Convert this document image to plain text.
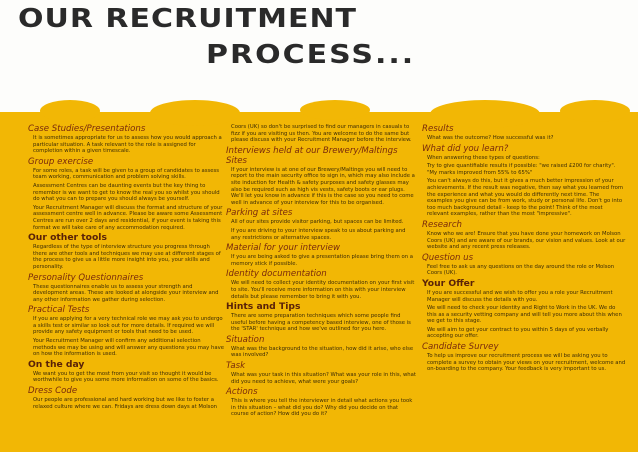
OUR RECRUITMENT
PROCESS...
Case Studies/Presentations
It is sometimes appropriate for us to assess how you would approach a particular situation. A task relevant to the role is assigned for completion within a given timescale.
Group exercise
For some roles, a task will be given to a group of candidates to assess team working, communication and problem solving skills.
Assessment Centres can be daunting events but the key thing to remember is we want to get to know the real you so whilst you should do what you can to prepare you should always be yourself.
Your Recruitment Manager will discuss the format and structure of your assessment centre well in advance. Please be aware some Assessment Centres are run over 2 days and residential, if your event is taking this format we will take care of any accommodation required.
Our other tools
Regardless of the type of interview structure you progress through there are other tools and techniques we may use at different stages of the process to give us a little more insight into you, your skills and personality.
Personality Questionnaires
These questionnaires enable us to assess your strength and development areas. These are looked at alongside your interview and any other information we gather during selection.
Practical Tests
If you are applying for a very technical role we may ask you to undergo a skills test or similar so look out for more details. If required we will provide any safety equipment or tools that need to be used.
Your Recruitment Manager will confirm any additional selection methods we may be using and will answer any questions you may have on how the information is used.
On the day
We want you to get the most from your visit so thought it would be worthwhile to give you some more information on some of the basics.
Dress Code
Our people are professional and hard working but we like to foster a relaxed culture where we can. Fridays are dress down days at Molson
Coors (UK) so don't be surprised to find our managers in casuals to fizz if you are visiting us then. You are welcome to do the same but please discuss with your Recruitment Manager before the interview.
Interviews held at our Brewery/Maltings Sites
If your interview is at one of our Brewery/Maltings you will need to report to the main security office to sign in, which may also include a site induction for Health & safety purposes and safety glasses may also be required such as high vis vests, safety boots or ear plugs. We'll let you know in advance if this is the case so you need to come well in advance of your interview for this to be organised.
Parking at sites
All of our sites provide visitor parking, but spaces can be limited.
If you are driving to your interview speak to us about parking and any restrictions or alternative spaces.
Material for your interview
If you are being asked to give a presentation please bring them on a memory stick if possible.
Identity documentation
We will need to collect your identity documentation on your first visit to site. You'll receive more information on this with your interview details but please remember to bring it with you.
Hints and Tips
There are some preparation techniques which some people find useful before having a competency based interview, one of those is the 'STAR' technique and how we've outlined for you here.
Situation
What was the background to the situation, how did it arise, who else was involved?
Task
What was your task in this situation? What was your role in this, what did you need to achieve, what were your goals?
Actions
This is where you tell the interviewer in detail what actions you took in this situation – what did you do? Why did you decide on that course of action? How did you do it?
Results
What was the outcome? How successful was it?
What did you learn?
When answering these types of questions:
Try to give quantifiable results if possible: "we raised £200 for charity". "My marks improved from 55% to 65%"
You can't always do this, but it gives a much better impression of your achievements. If the result was negative, then say what you learned from the experience and what you would do differently next time. The examples you give can be from work, study or personal life. Don't go into too much background detail - keep to the point! Think of the most relevant examples, rather than the most "impressive".
Research
Know who we are! Ensure that you have done your homework on Molson Coors (UK) and are aware of our brands, our vision and values. Look at our website and any recent press releases.
Question us
Feel free to ask us any questions on the day around the role or Molson Coors (UK).
Your Offer
If you are successful and we wish to offer you a role your Recruitment Manager will discuss the details with you.
We will need to check your identity and Right to Work in the UK. We do this as a security vetting company and will tell you more about this when we get to this stage.
We will aim to get your contract to you within 5 days of you verbally accepting our offer.
Candidate Survey
To help us improve our recruitment process we will be asking you to complete a survey to obtain your views on your recruitment, welcome and on-boarding to the company. Your feedback is very important to us.
